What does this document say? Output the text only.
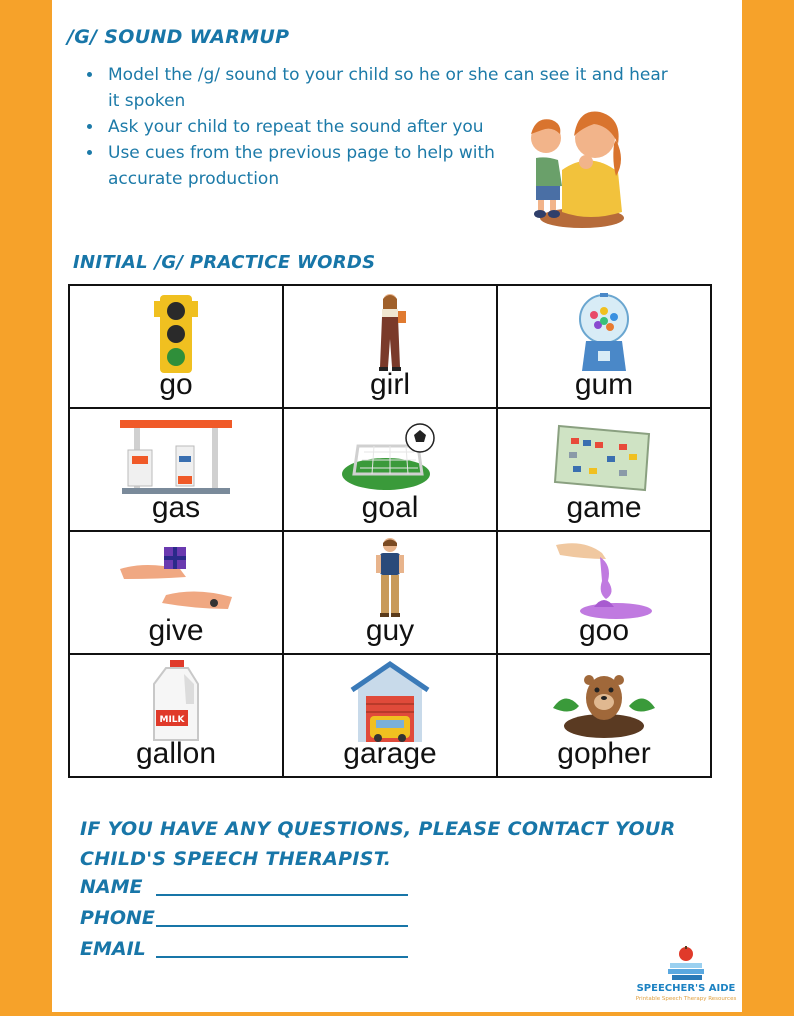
/G/ SOUND WARMUP
• Model the /g/ sound to your child so he or she can see it and hear it spoken
• Ask your child to repeat the sound after you
• Use cues from the previous page to help with accurate production
INITIAL /G/ PRACTICE WORDS
go	girl	gum

gas	goal	game

give	guy	goo

MILK
gallon	garage	gopher
IF YOU HAVE ANY QUESTIONS, PLEASE CONTACT YOUR CHILD'S SPEECH THERAPIST.
NAME
PHONE
EMAIL
SPEECHER'S AIDE
Printable Speech Therapy Resources
